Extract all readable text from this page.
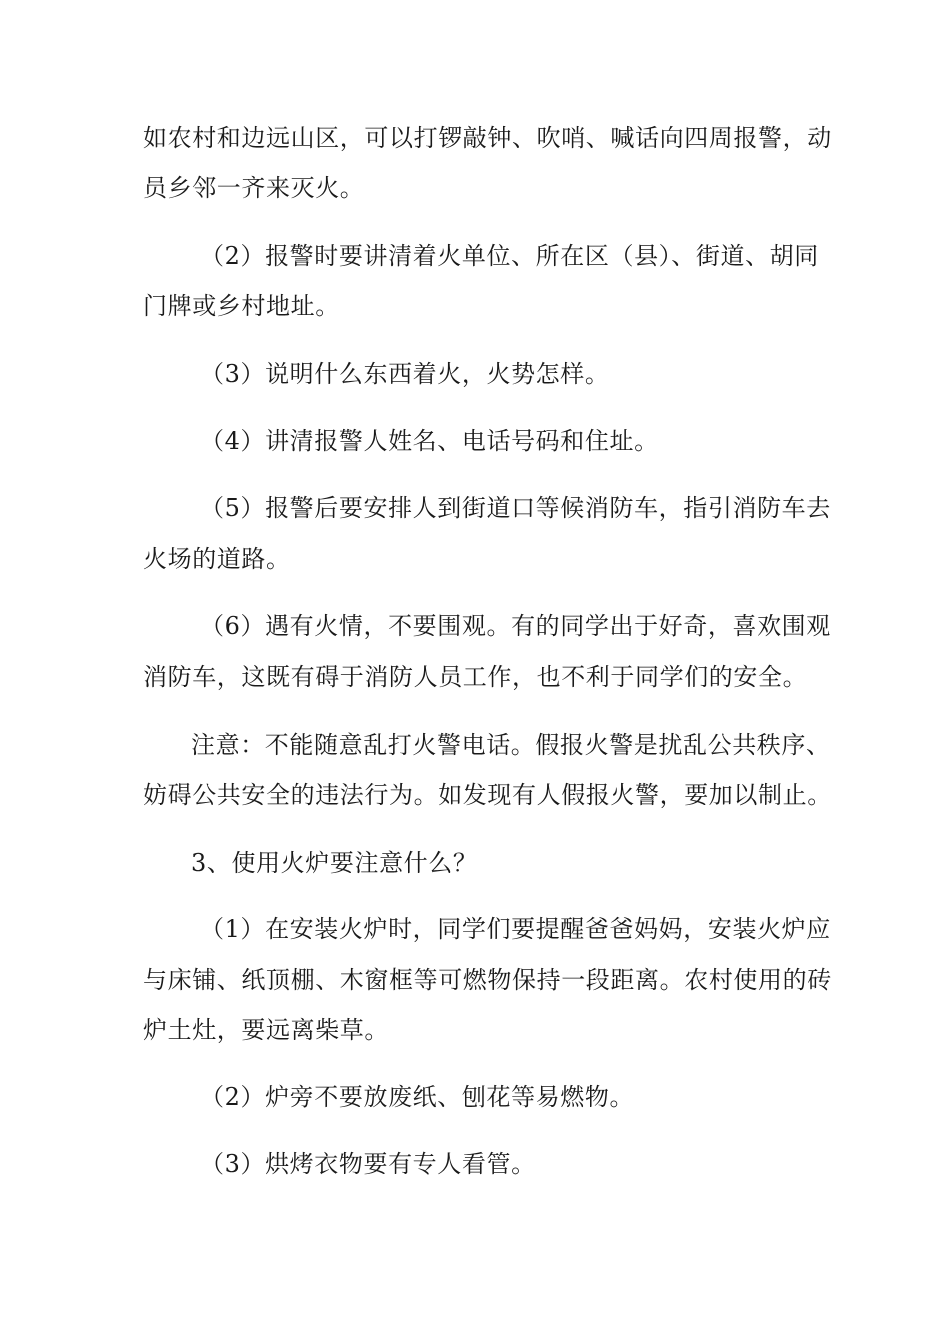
如农村和边远山区，可以打锣敲钟、吹哨、喊话向四周报警，动
员乡邻一齐来灭火。
（2）报警时要讲清着火单位、所在区（县）、街道、胡同
门牌或乡村地址。
（3）说明什么东西着火，火势怎样。
（4）讲清报警人姓名、电话号码和住址。
（5）报警后要安排人到街道口等候消防车，指引消防车去
火场的道路。
（6）遇有火情，不要围观。有的同学出于好奇，喜欢围观
消防车，这既有碍于消防人员工作，也不利于同学们的安全。
注意：不能随意乱打火警电话。假报火警是扰乱公共秩序、
妨碍公共安全的违法行为。如发现有人假报火警，要加以制止。
3、使用火炉要注意什么？
（1）在安装火炉时，同学们要提醒爸爸妈妈，安装火炉应
与床铺、纸顶棚、木窗框等可燃物保持一段距离。农村使用的砖
炉土灶，要远离柴草。
（2）炉旁不要放废纸、刨花等易燃物。
（3）烘烤衣物要有专人看管。
